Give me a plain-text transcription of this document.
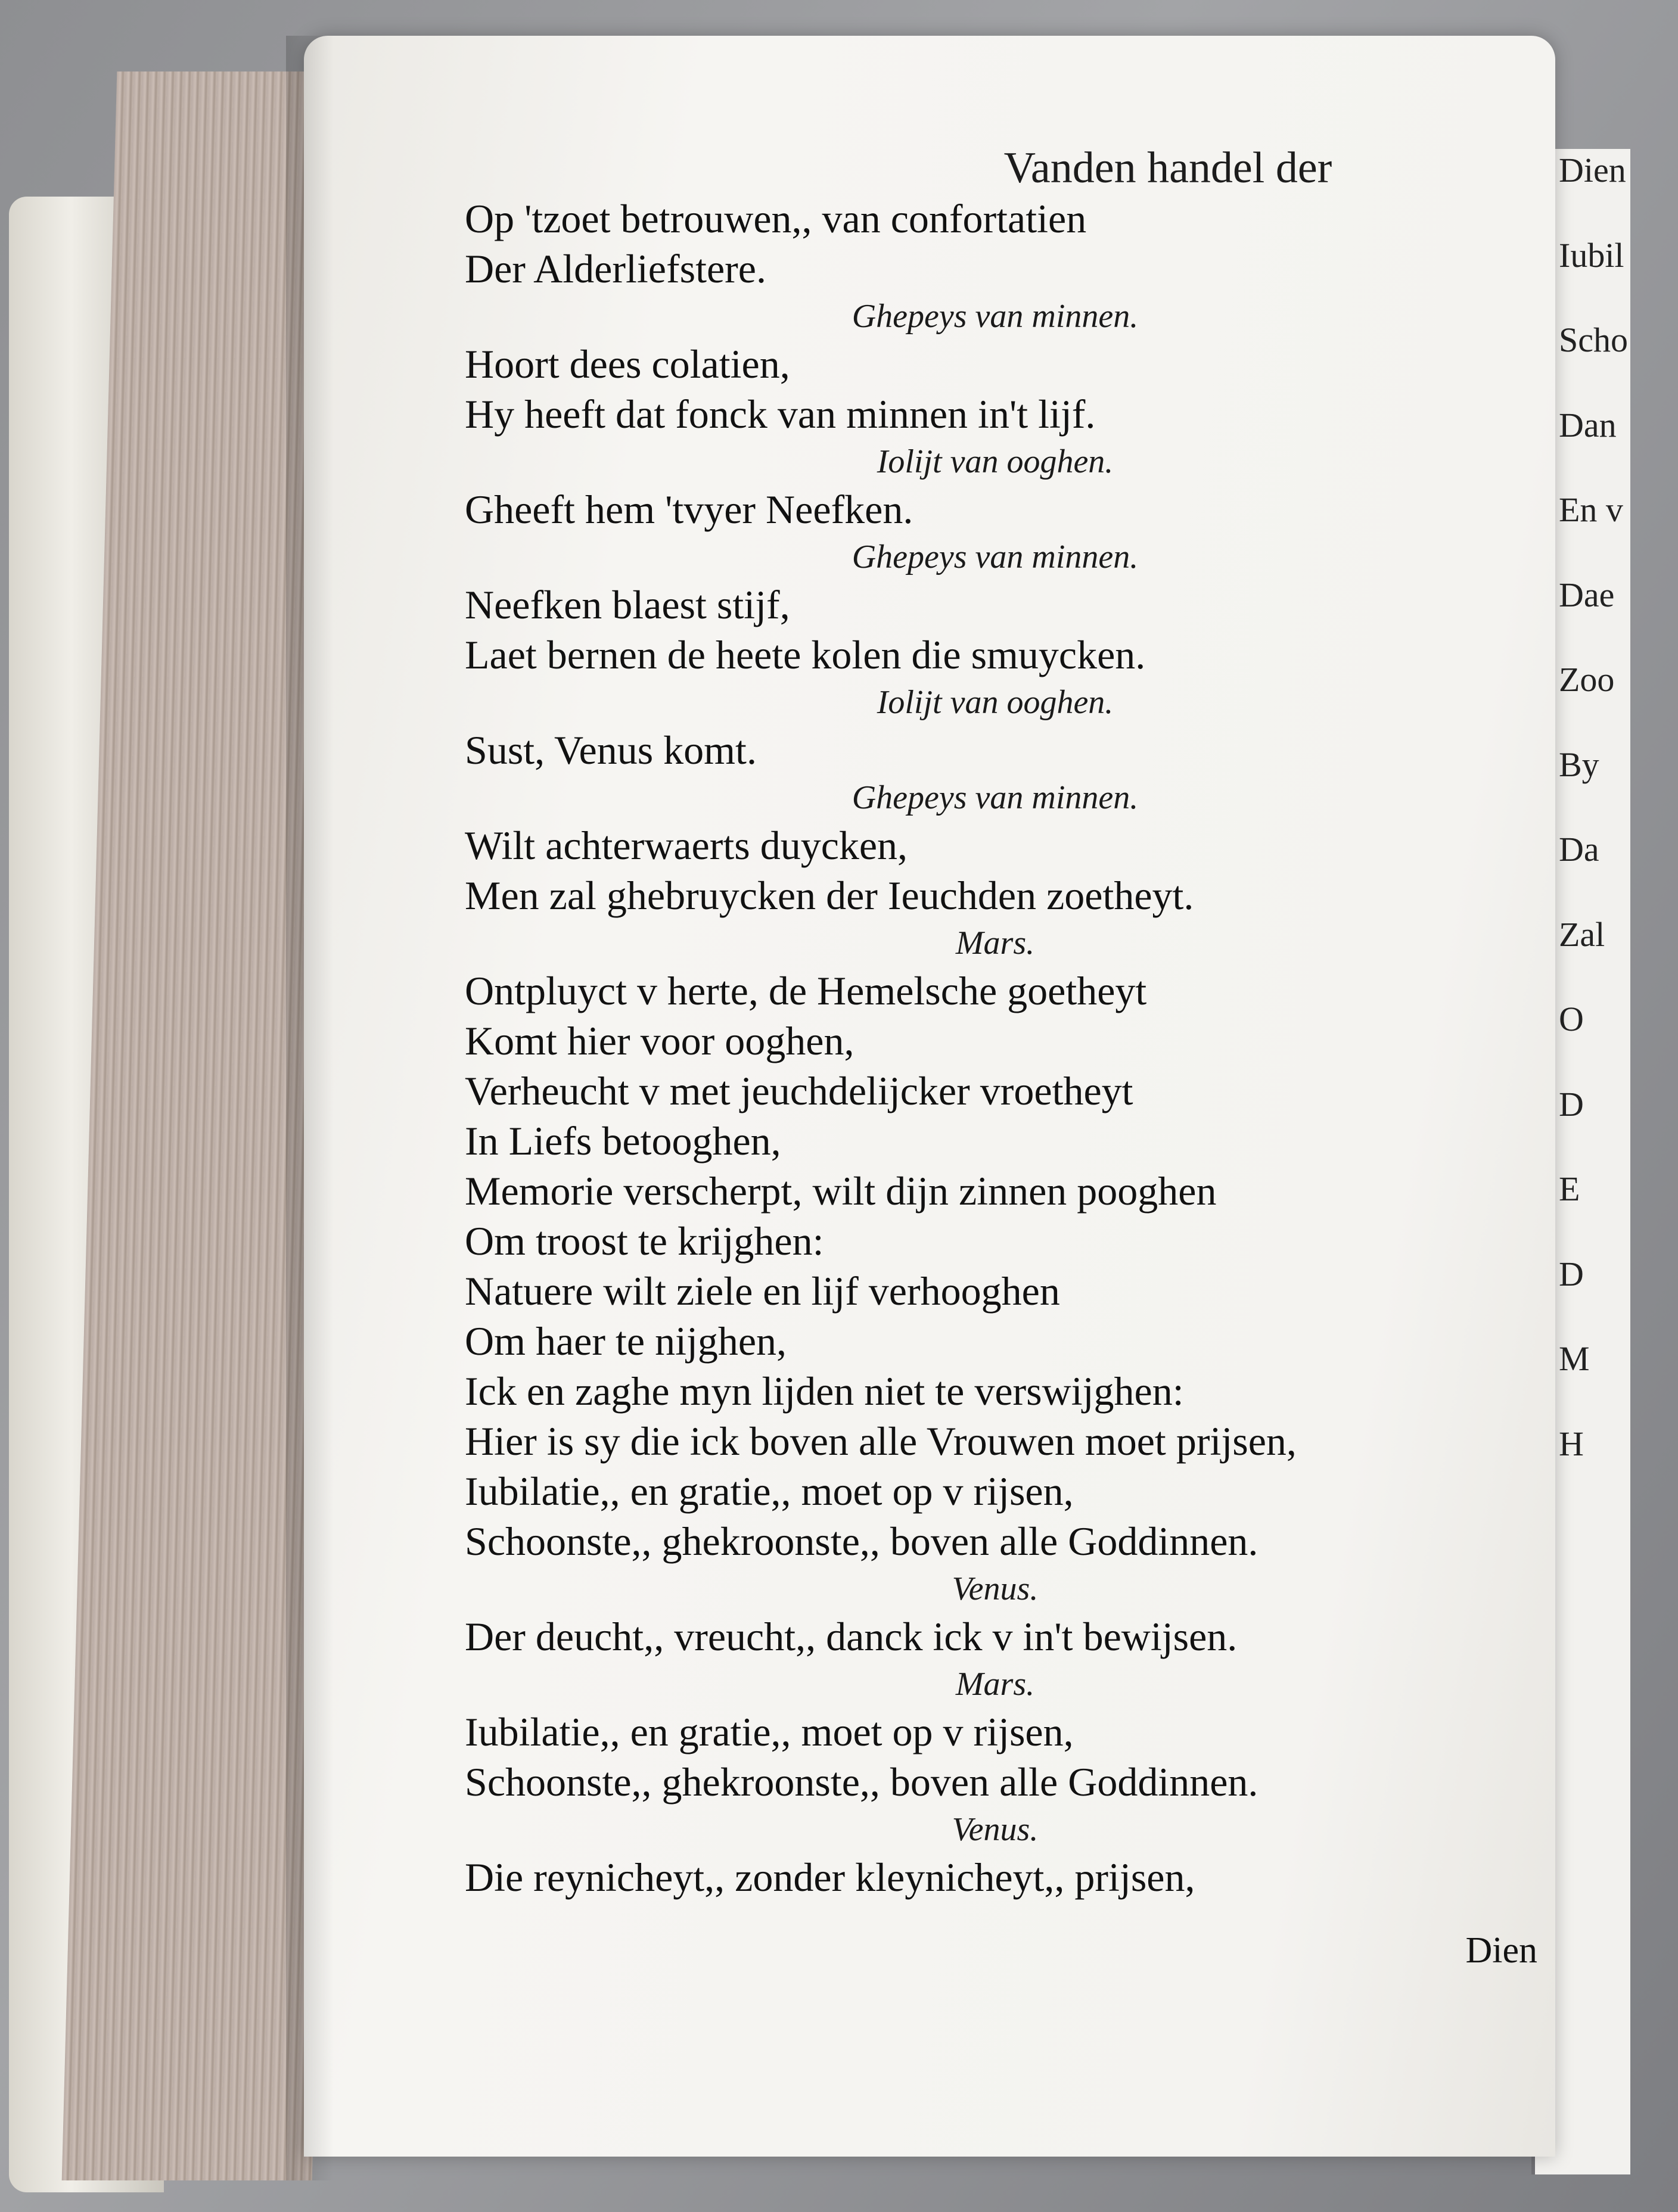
Dien
Iubil
Scho
Dan
En v
Dae
Zoo
By
Da
Zal
O
D
E
D
M
H
Vanden handel der
Op 'tzoet betrouwen,, van confortatien
Der Alderliefstere.
Ghepeys van minnen.
Hoort dees colatien,
Hy heeft dat fonck van minnen in't lijf.
Iolijt van ooghen.
Gheeft hem 'tvyer Neefken.
Ghepeys van minnen.
Neefken blaest stijf,
Laet bernen de heete kolen die smuycken.
Iolijt van ooghen.
Sust, Venus komt.
Ghepeys van minnen.
Wilt achterwaerts duycken,
Men zal ghebruycken der Ieuchden zoetheyt.
Mars.
Ontpluyct v herte, de Hemelsche goetheyt
Komt hier voor ooghen,
Verheucht v met jeuchdelijcker vroetheyt
In Liefs betooghen,
Memorie verscherpt, wilt dijn zinnen pooghen
Om troost te krijghen:
Natuere wilt ziele en lijf verhooghen
Om haer te nijghen,
Ick en zaghe myn lijden niet te verswijghen:
Hier is sy die ick boven alle Vrouwen moet prijsen,
Iubilatie,, en gratie,, moet op v rijsen,
Schoonste,, ghekroonste,, boven alle Goddinnen.
Venus.
Der deucht,, vreucht,, danck ick v in't bewijsen.
Mars.
Iubilatie,, en gratie,, moet op v rijsen,
Schoonste,, ghekroonste,, boven alle Goddinnen.
Venus.
Die reynicheyt,, zonder kleynicheyt,, prijsen,
Dien
